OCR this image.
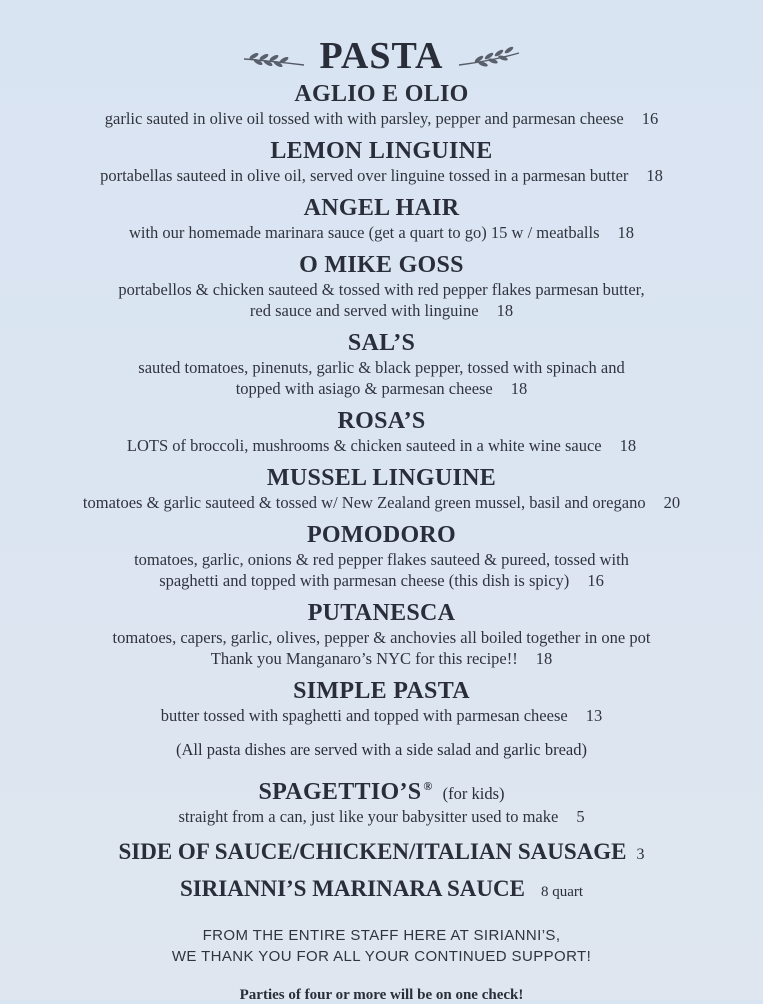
PASTA
AGLIO E OLIO
garlic sauted in olive oil tossed with with parsley, pepper and parmesan cheese 16
LEMON LINGUINE
portabellas sauteed in olive oil, served over linguine tossed in a parmesan butter 18
ANGEL HAIR
with our homemade marinara sauce (get a quart to go) 15 w / meatballs 18
O MIKE GOSS
portabellos & chicken sauteed & tossed with red pepper flakes parmesan butter,
red sauce and served with linguine 18
SAL’S
sauted tomatoes, pinenuts, garlic & black pepper, tossed with spinach and
topped with asiago & parmesan cheese 18
ROSA’S
LOTS of broccoli, mushrooms & chicken sauteed in a white wine sauce 18
MUSSEL LINGUINE
tomatoes & garlic sauteed & tossed w/ New Zealand green mussel, basil and oregano 20
POMODORO
tomatoes, garlic, onions & red pepper flakes sauteed & pureed, tossed with
spaghetti and topped with parmesan cheese (this dish is spicy) 16
PUTANESCA
tomatoes, capers, garlic, olives, pepper & anchovies all boiled together in one pot
Thank you Manganaro’s NYC for this recipe!! 18
SIMPLE PASTA
butter tossed with spaghetti and topped with parmesan cheese 13
(All pasta dishes are served with a side salad and garlic bread)
SPAGETTIO’S ® (for kids)
straight from a can, just like your babysitter used to make 5
SIDE OF SAUCE/CHICKEN/ITALIAN SAUSAGE 3
SIRIANNI’S MARINARA SAUCE 8 quart
FROM THE ENTIRE STAFF HERE AT SIRIANNI’S,
WE THANK YOU FOR ALL YOUR CONTINUED SUPPORT!
Parties of four or more will be on one check!
